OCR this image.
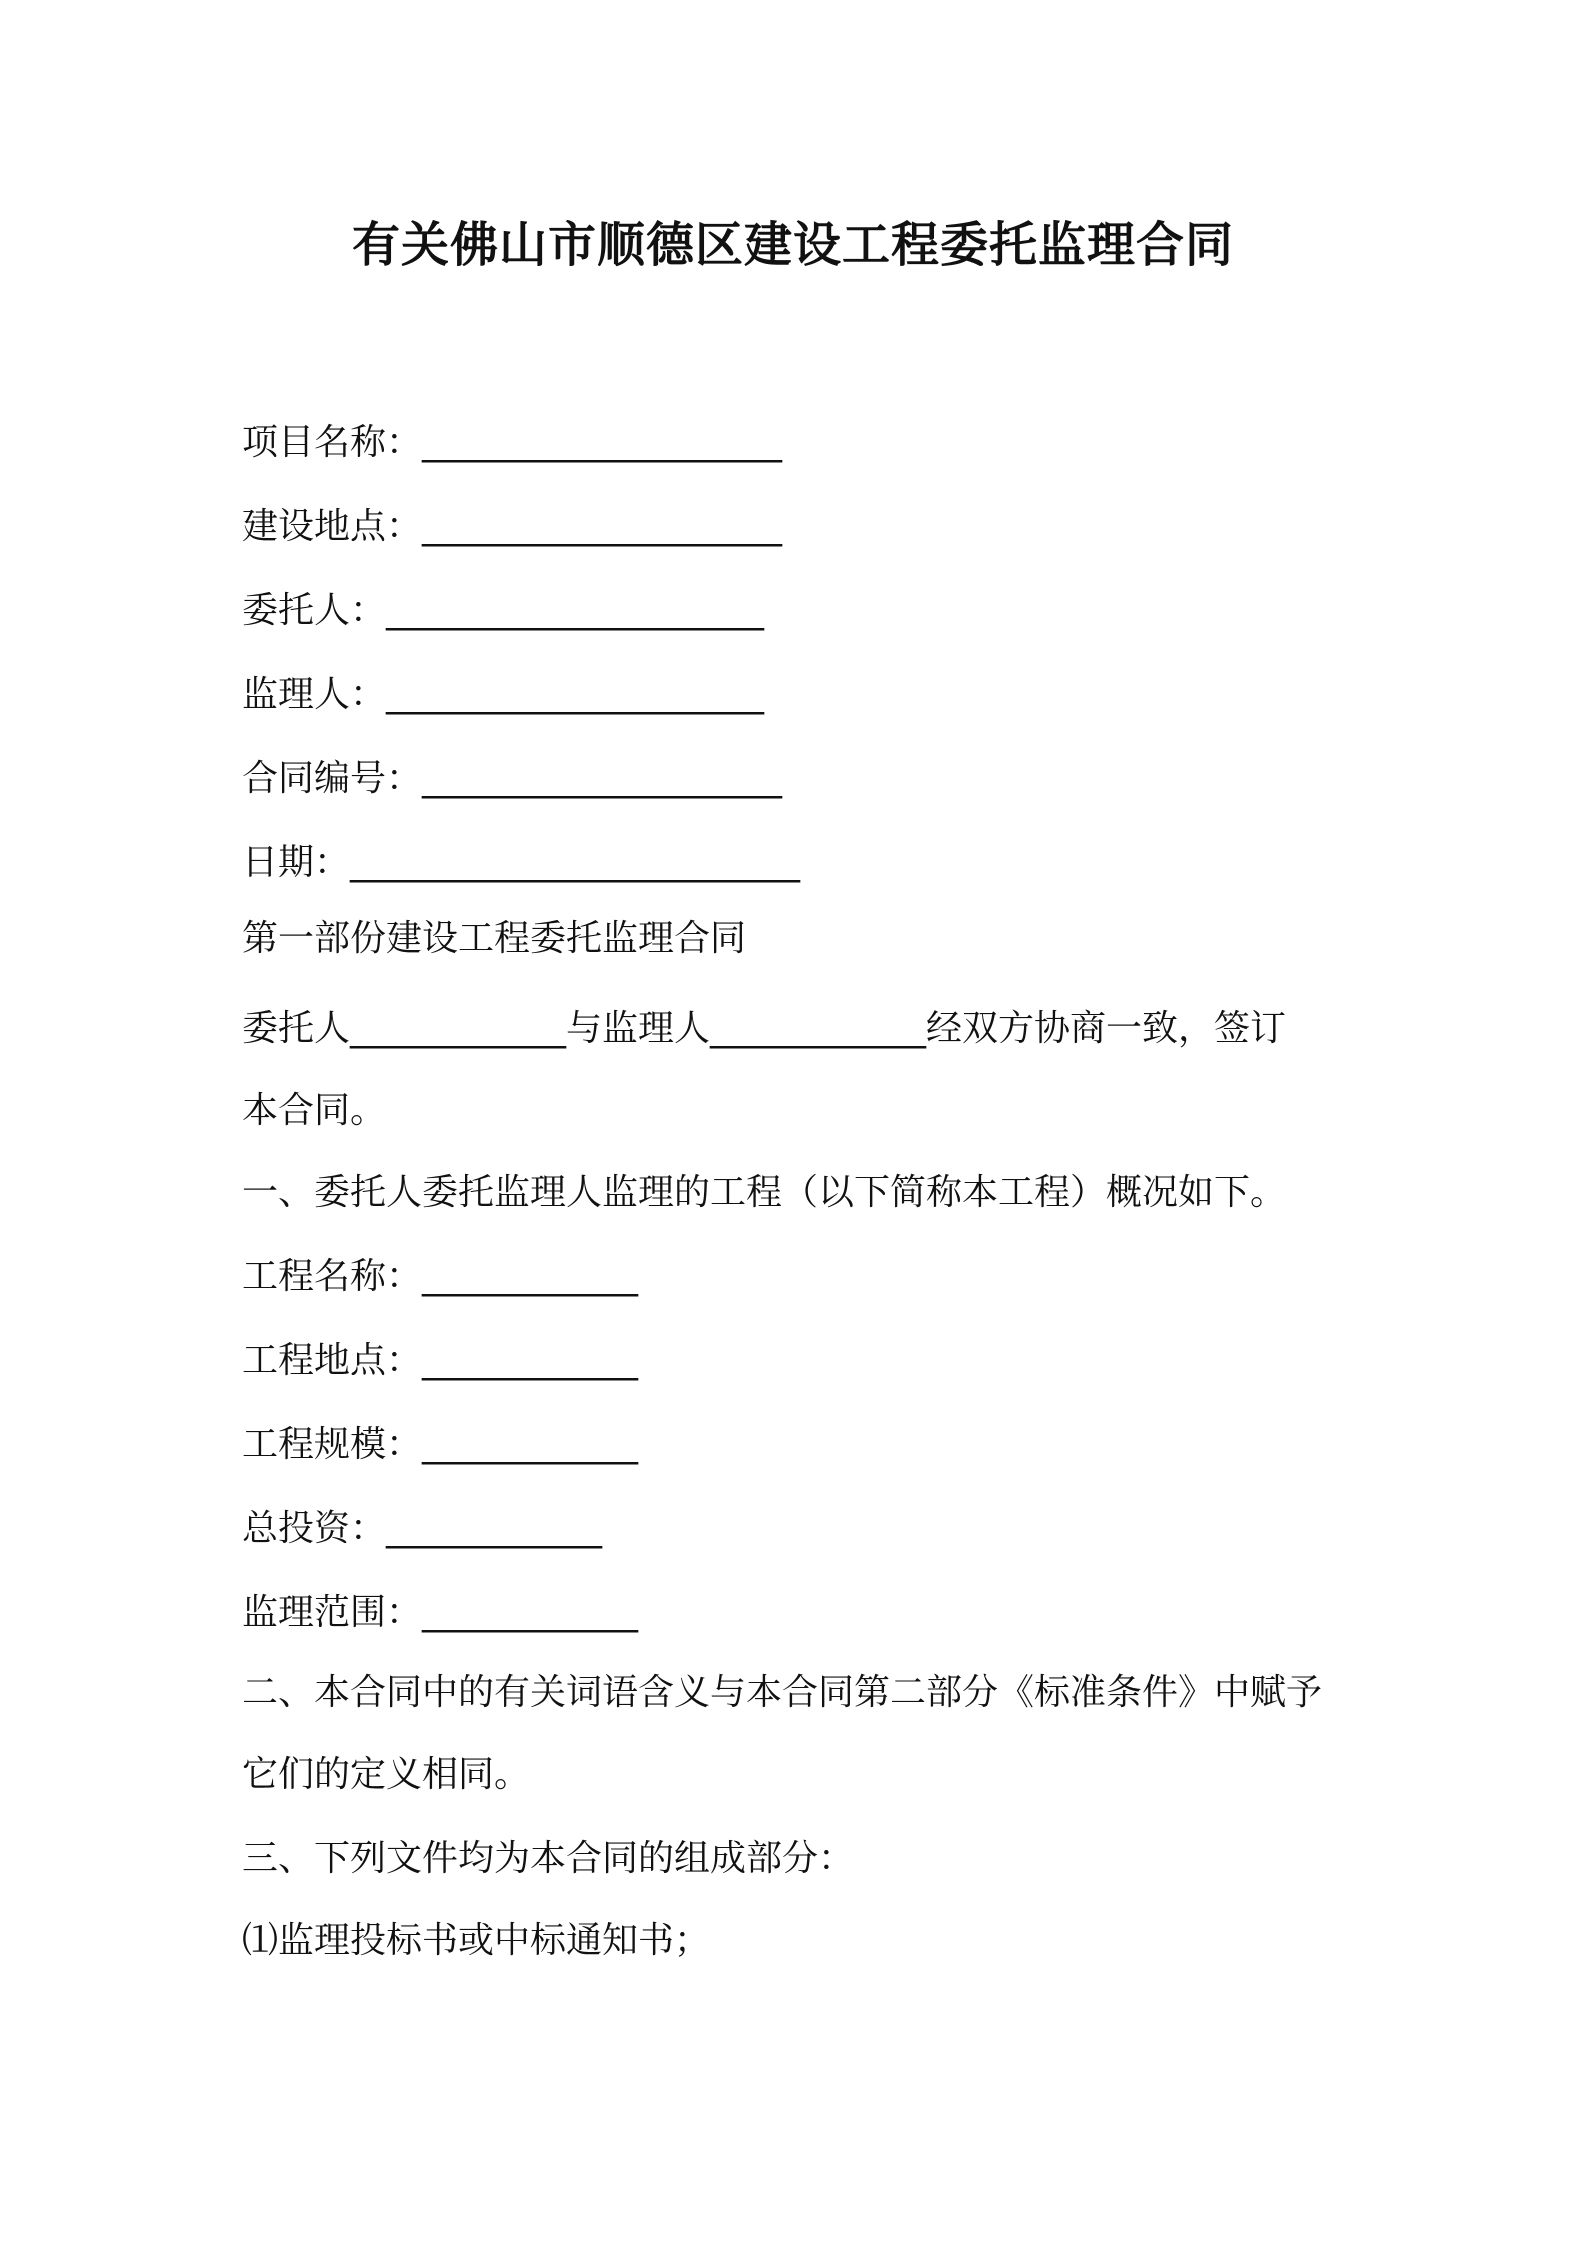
有关佛山市顺德区建设工程委托监理合同
项目名称：____________________
建设地点：____________________
委托人：_____________________
监理人：_____________________
合同编号：____________________
日期：_________________________
第一部份建设工程委托监理合同
委托人____________与监理人____________经双方协商一致，签订
本合同。
一、委托人委托监理人监理的工程（以下简称本工程）概况如下。
工程名称：____________
工程地点：____________
工程规模：____________
总投资：____________
监理范围：____________
二、本合同中的有关词语含义与本合同第二部分《标准条件》中赋予
它们的定义相同。
三、下列文件均为本合同的组成部分：
⑴监理投标书或中标通知书；
